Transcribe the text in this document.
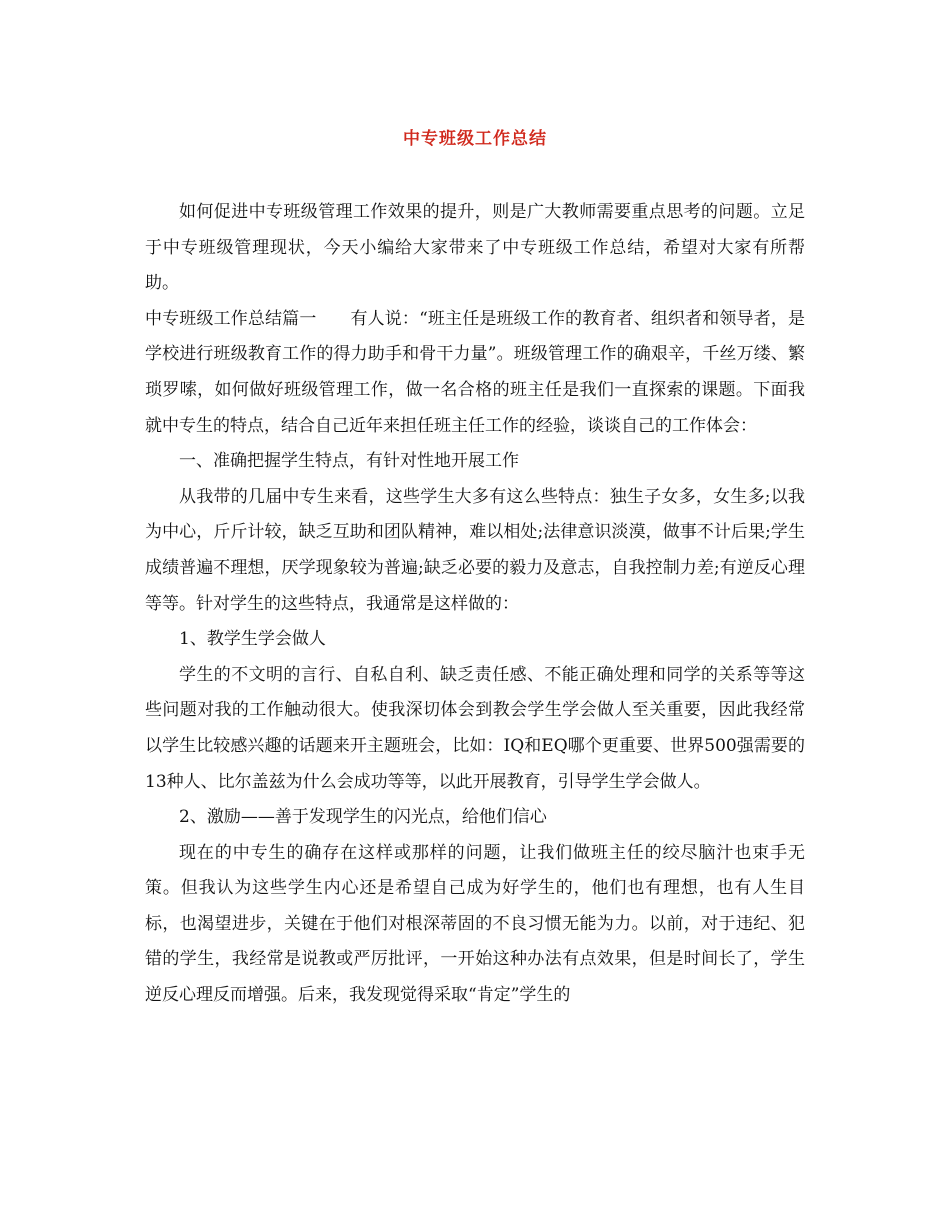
中专班级工作总结

如何促进中专班级管理工作效果的提升，则是广大教师需要重点思考的问题。立足于中专班级管理现状，今天小编给大家带来了中专班级工作总结，希望对大家有所帮助。

中专班级工作总结篇一 有人说：“班主任是班级工作的教育者、组织者和领导者，是学校进行班级教育工作的得力助手和骨干力量”。班级管理工作的确艰辛，千丝万缕、繁琐罗嗦，如何做好班级管理工作，做一名合格的班主任是我们一直探索的课题。下面我就中专生的特点，结合自己近年来担任班主任工作的经验，谈谈自己的工作体会：

一、准确把握学生特点，有针对性地开展工作

从我带的几届中专生来看，这些学生大多有这么些特点：独生子女多，女生多;以我为中心，斤斤计较，缺乏互助和团队精神，难以相处;法律意识淡漠，做事不计后果;学生成绩普遍不理想，厌学现象较为普遍;缺乏必要的毅力及意志，自我控制力差;有逆反心理等等。针对学生的这些特点，我通常是这样做的：

1、教学生学会做人

学生的不文明的言行、自私自利、缺乏责任感、不能正确处理和同学的关系等等这些问题对我的工作触动很大。使我深切体会到教会学生学会做人至关重要，因此我经常以学生比较感兴趣的话题来开主题班会，比如：IQ和EQ哪个更重要、世界500强需要的13种人、比尔盖兹为什么会成功等等，以此开展教育，引导学生学会做人。

2、激励——善于发现学生的闪光点，给他们信心

现在的中专生的确存在这样或那样的问题，让我们做班主任的绞尽脑汁也束手无策。但我认为这些学生内心还是希望自己成为好学生的，他们也有理想，也有人生目标，也渴望进步，关键在于他们对根深蒂固的不良习惯无能为力。以前，对于违纪、犯错的学生，我经常是说教或严厉批评，一开始这种办法有点效果，但是时间长了，学生逆反心理反而增强。后来，我发现觉得采取“肯定”学生的
